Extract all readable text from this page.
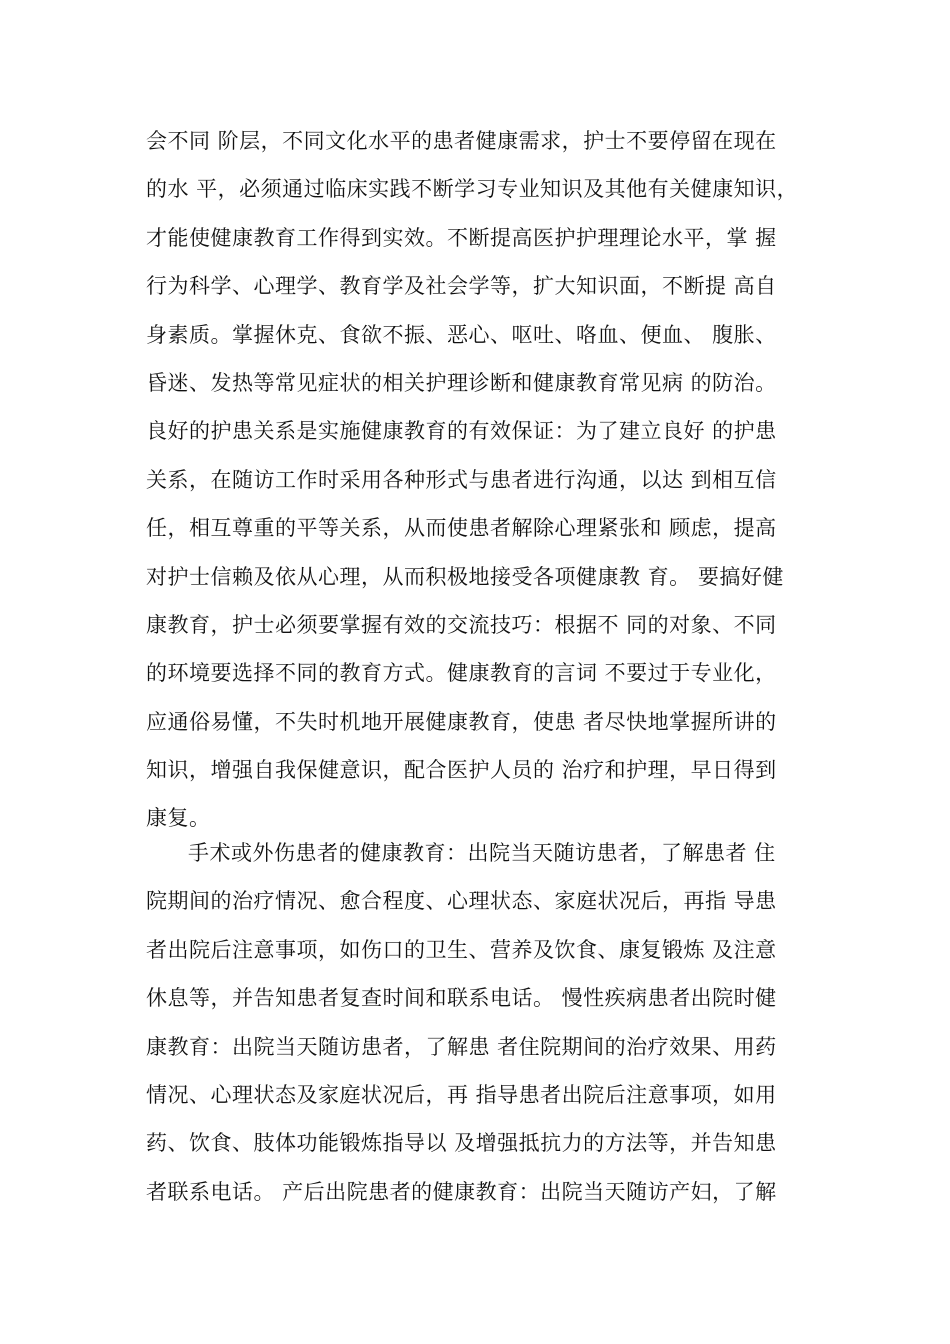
会不同 阶层，不同文化水平的患者健康需求，护士不要停留在现在
的水 平，必须通过临床实践不断学习专业知识及其他有关健康知识，
才能使健康教育工作得到实效。不断提高医护护理理论水平，掌 握
行为科学、心理学、教育学及社会学等，扩大知识面，不断提 高自
身素质。掌握休克、食欲不振、恶心、呕吐、咯血、便血、 腹胀、
昏迷、发热等常见症状的相关护理诊断和健康教育常见病 的防治。
良好的护患关系是实施健康教育的有效保证：为了建立良好 的护患
关系，在随访工作时采用各种形式与患者进行沟通，以达 到相互信
任，相互尊重的平等关系，从而使患者解除心理紧张和 顾虑，提高
对护士信赖及依从心理，从而积极地接受各项健康教 育。 要搞好健
康教育，护士必须要掌握有效的交流技巧：根据不 同的对象、不同
的环境要选择不同的教育方式。健康教育的言词 不要过于专业化，
应通俗易懂，不失时机地开展健康教育，使患 者尽快地掌握所讲的
知识，增强自我保健意识，配合医护人员的 治疗和护理，早日得到
康复。
手术或外伤患者的健康教育：出院当天随访患者，了解患者 住
院期间的治疗情况、愈合程度、心理状态、家庭状况后，再指 导患
者出院后注意事项，如伤口的卫生、营养及饮食、康复锻炼 及注意
休息等，并告知患者复查时间和联系电话。 慢性疾病患者出院时健
康教育：出院当天随访患者，了解患 者住院期间的治疗效果、用药
情况、心理状态及家庭状况后，再 指导患者出院后注意事项，如用
药、饮食、肢体功能锻炼指导以 及增强抵抗力的方法等，并告知患
者联系电话。 产后出院患者的健康教育：出院当天随访产妇，了解
